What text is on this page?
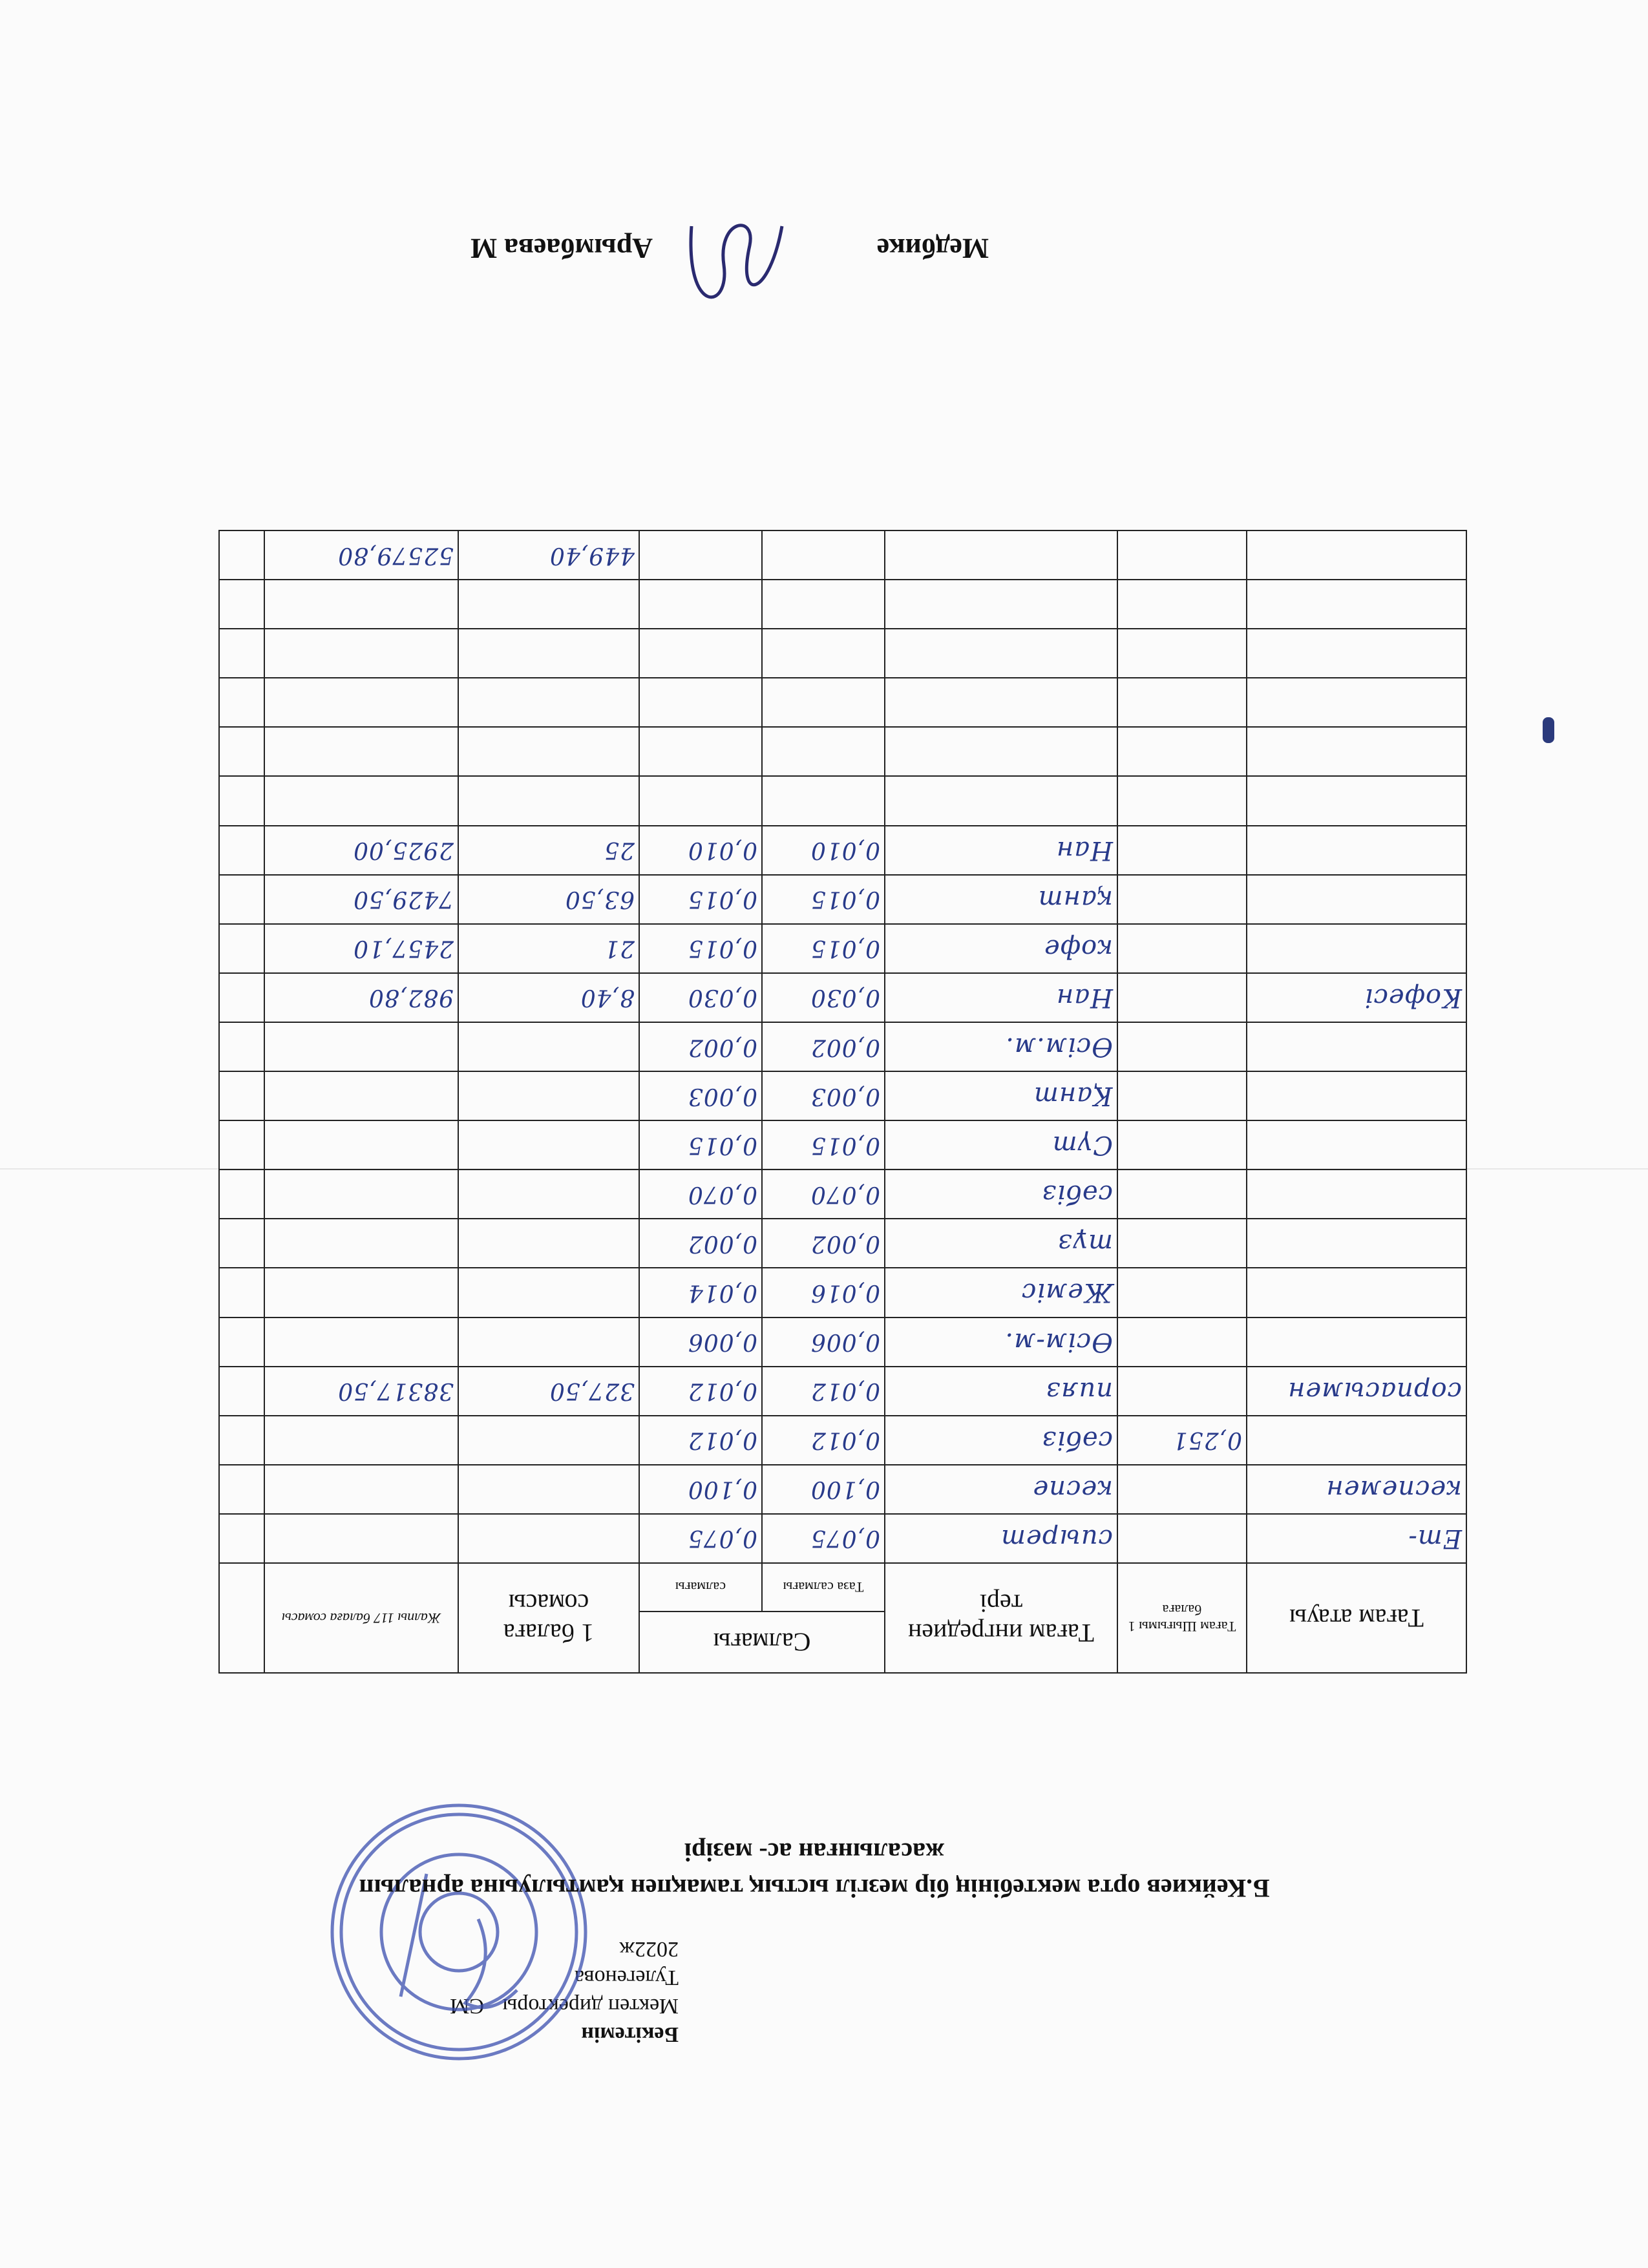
Бекітемін
Мектеп директоры СМ Тулегенова
2022ж
Б.Кейкиев орта мектебінің бір мезгіл ыстық тамақпен қамтылуына арналып
жасалынған ас- мәзірі
Тағам атауы	Тағам Шығымы 1 балаға	Тағам ингредиен тері	Салмағы		1 балаға сомасы	Жалпы 117 балаға сомасы	
			Таза салмағы	салмағы			
Ет-		сиырет	0,075	0,075			
кеспемен		кеспе	0,100	0,100			
	0,251	сәбіз	0,012	0,012			
сорпасымен		пияз	0,012	0,012	327,50	38317,50	
		Өсім-м.	0,006	0,006			
		Жеміс	0,016	0,014			
		тұз	0,002	0,002			
		сәбіз	0,070	0,070			
		Сүт	0,015	0,015			
		Қант	0,003	0,003			
		Өсім.м.	0,002	0,002			
Кофесі		Нан	0,030	0,030	8,40	982,80	
		кофе	0,015	0,015	21	2457,10	
		қант	0,015	0,015	63,50	7429,50	
		Нан	0,010	0,010	25	2925,00	

					449,40	52579,80	
Медбике
Арымбаева М
